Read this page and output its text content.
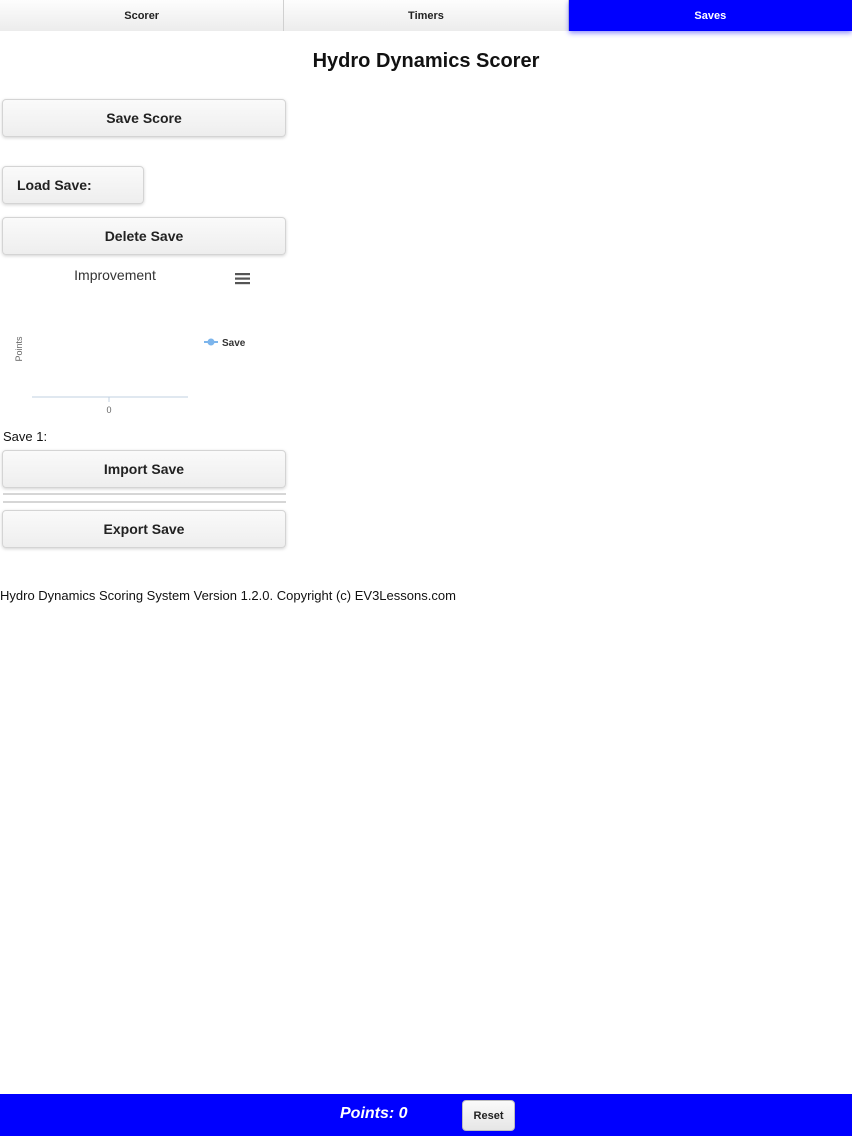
Scorer	Timers	Saves
Hydro Dynamics Scorer
Save Score
Load Save:
Delete Save
Improvement
Points
0
Save
Save 1:
Import Save
Export Save
Hydro Dynamics Scoring System Version 1.2.0. Copyright (c) EV3Lessons.com
Points: 0	Reset
